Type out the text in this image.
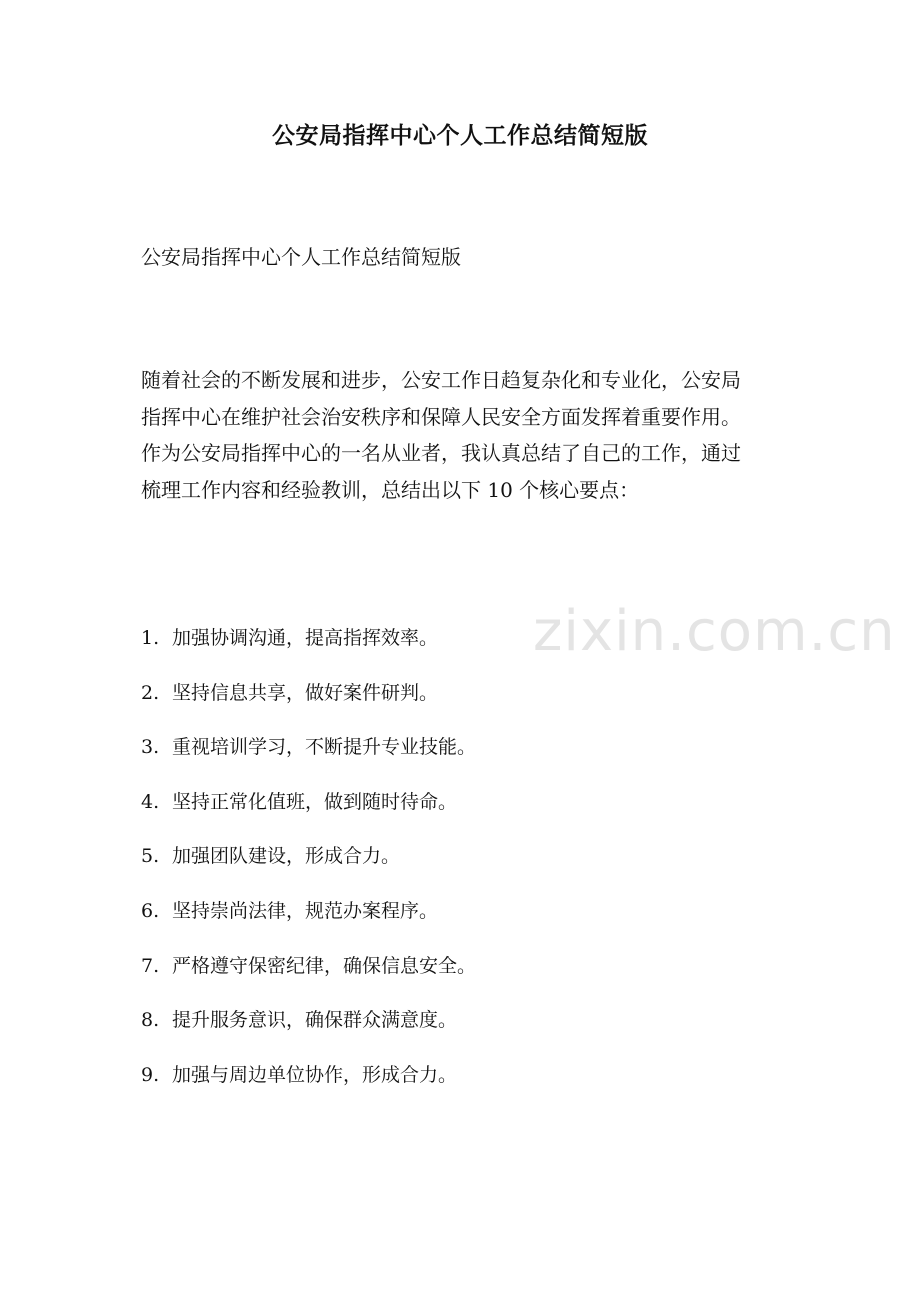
公安局指挥中心个人工作总结简短版
公安局指挥中心个人工作总结简短版
随着社会的不断发展和进步，公安工作日趋复杂化和专业化，公安局
指挥中心在维护社会治安秩序和保障人民安全方面发挥着重要作用。
作为公安局指挥中心的一名从业者，我认真总结了自己的工作，通过
梳理工作内容和经验教训，总结出以下 10 个核心要点：
1. 加强协调沟通，提高指挥效率。
2. 坚持信息共享，做好案件研判。
3. 重视培训学习，不断提升专业技能。
4. 坚持正常化值班，做到随时待命。
5. 加强团队建设，形成合力。
6. 坚持崇尚法律，规范办案程序。
7. 严格遵守保密纪律，确保信息安全。
8. 提升服务意识，确保群众满意度。
9. 加强与周边单位协作，形成合力。
zixin.com.cn
